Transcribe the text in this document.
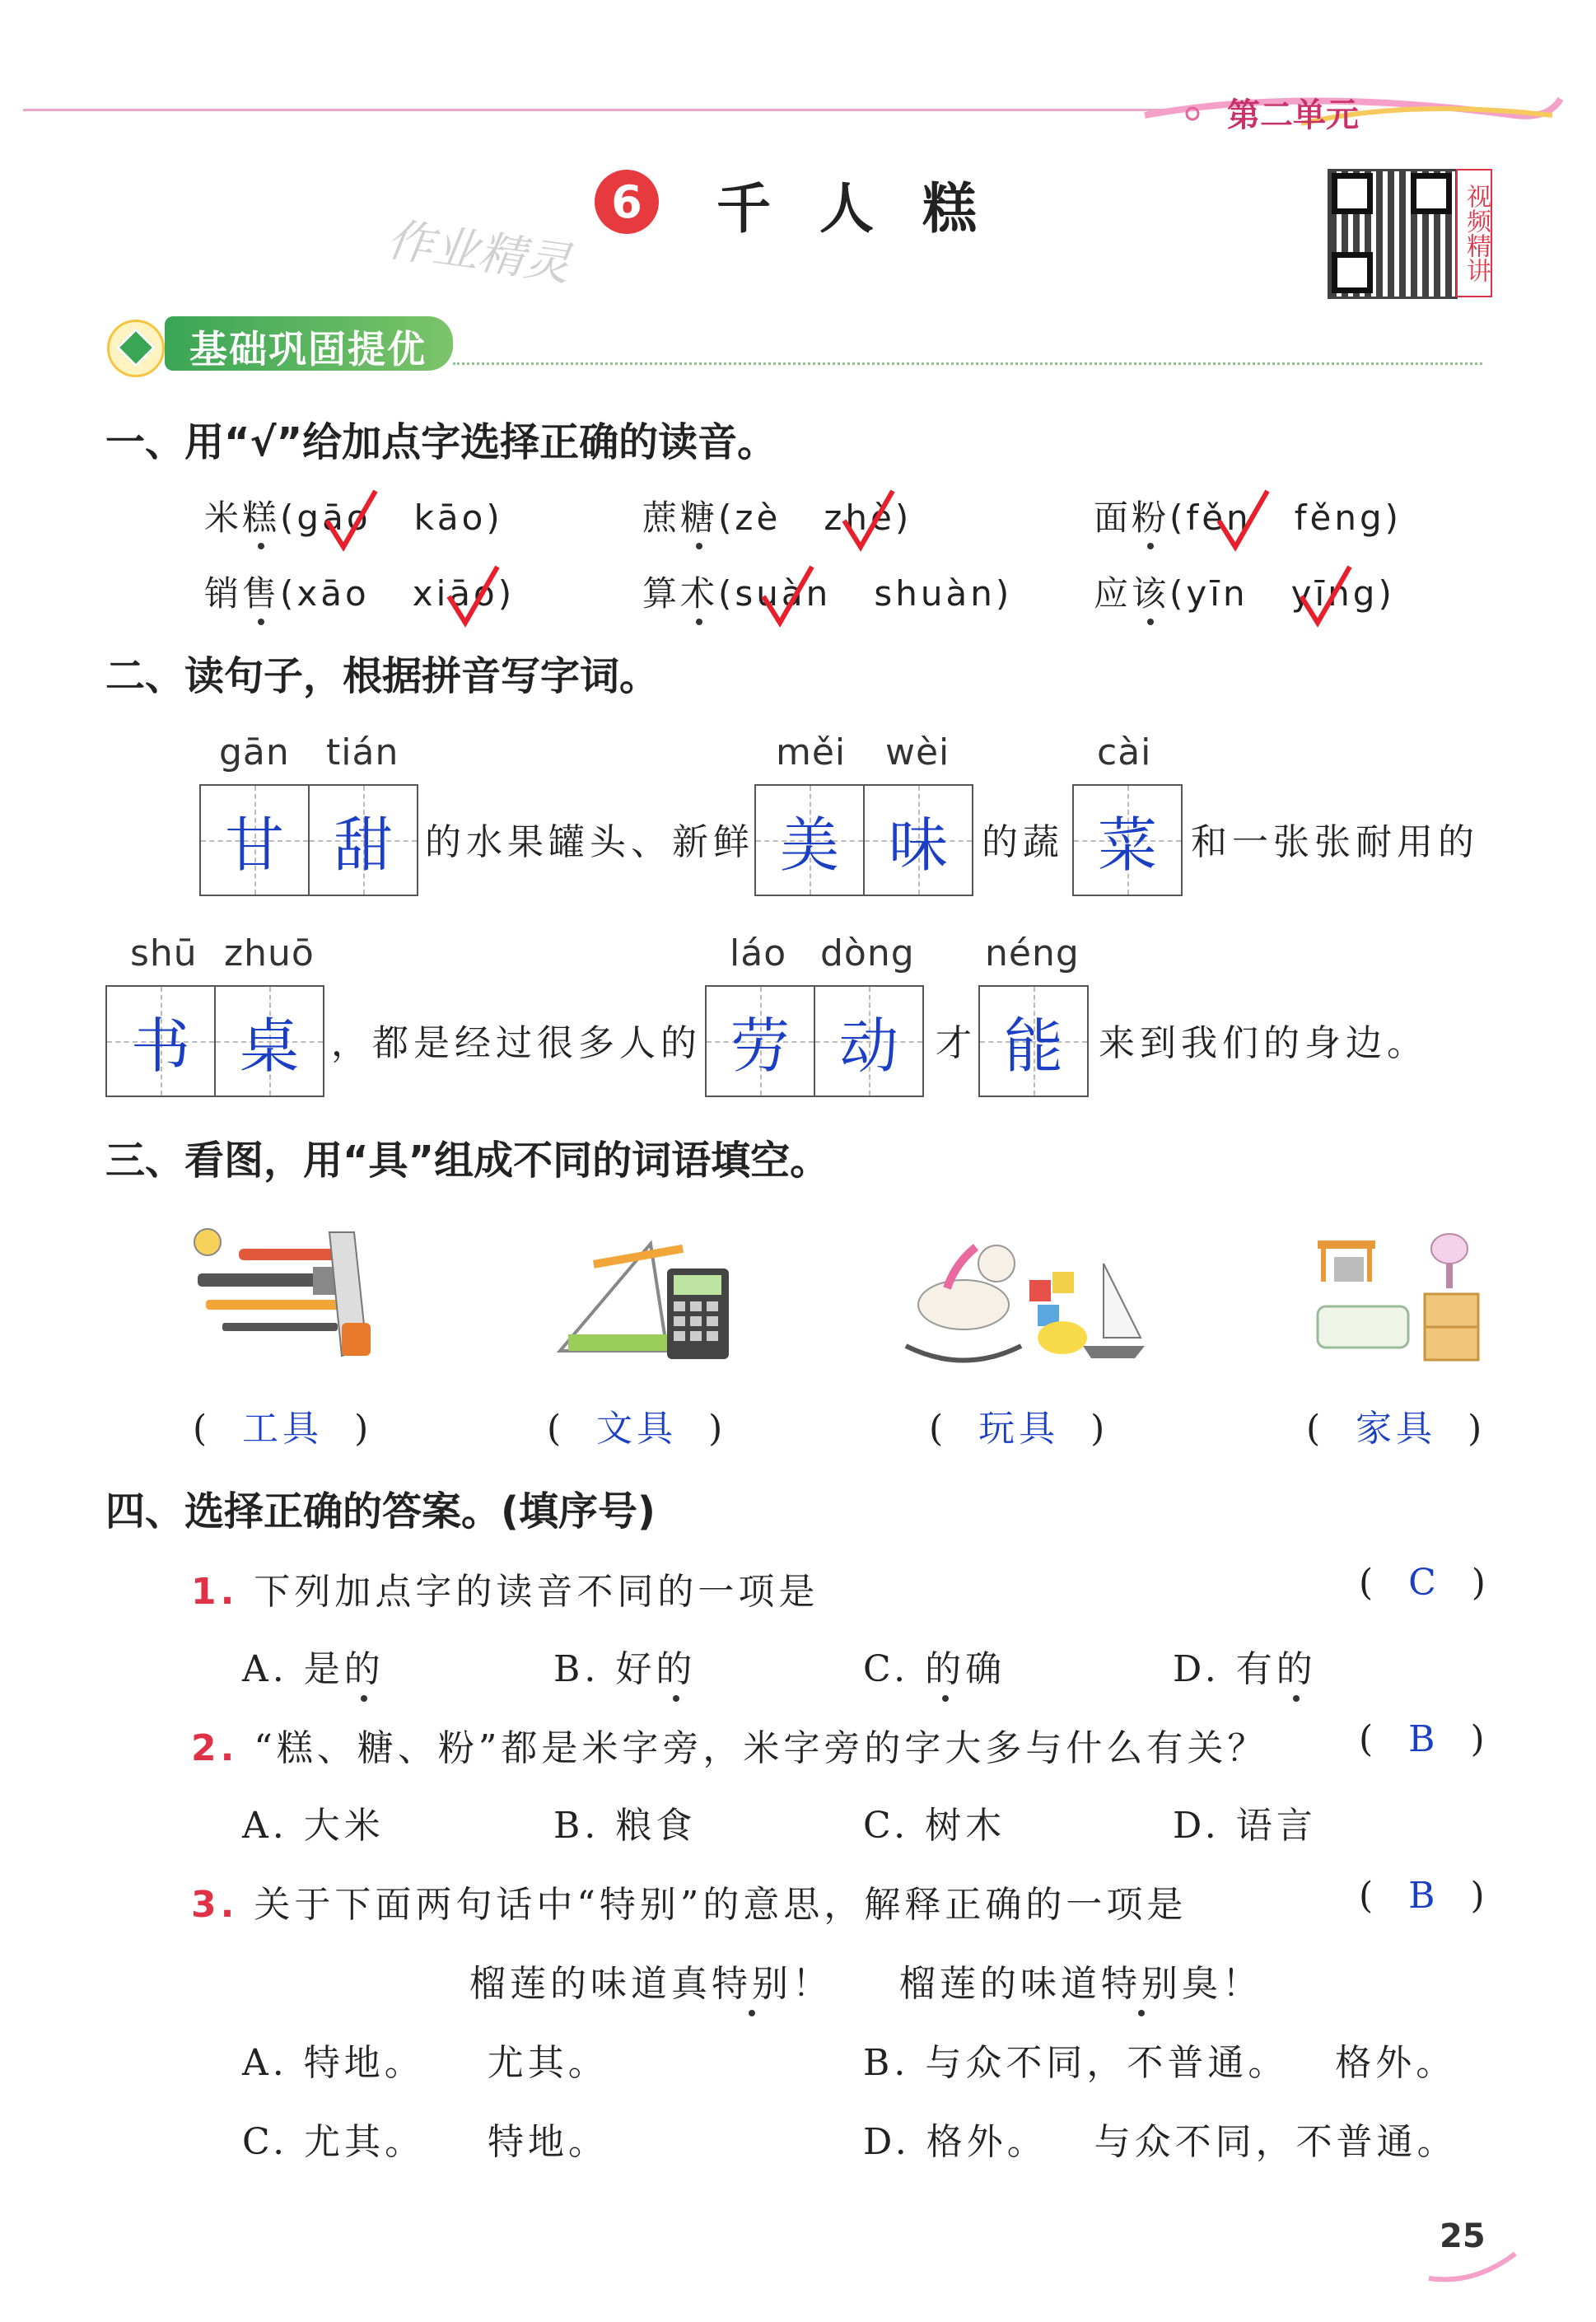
第二单元
6 千 人 糕
作业精灵	视频精讲
基础巩固提优
一、用“√”给加点字选择正确的读音。
米糕(gāo kāo)	蔗糖(zè zhè)	面粉(fěn fěng)
销售(xāo xiāo)	算术(suàn shuàn) 应该(yīn yīng)
二、读句子，根据拼音写字词。
gān tián	měi wèi	cài
甘 甜 的水果罐头、新鲜 美 味 的蔬 菜 和一张张耐用的
shū zhuō	láo dòng néng
书 桌 ，都是经过很多人的 劳 动 才 能 来到我们的身边。
三、看图，用“具”组成不同的词语填空。
( 工具 )	( 文具 )	( 玩具 )	( 家具 )
四、选择正确的答案。(填序号)
1. 下列加点字的读音不同的一项是	(  C  )
A. 是的	B. 好的	C. 的确	D. 有的
2. “糕、糖、粉”都是米字旁，米字旁的字大多与什么有关？	(  B  )
A. 大米	B. 粮食	C. 树木	D. 语言
3. 关于下面两句话中“特别”的意思，解释正确的一项是	(  B  )
榴莲的味道真特别！ 榴莲的味道特别臭！
A. 特地。 尤其。	B. 与众不同，不普通。 格外。
C. 尤其。 特地。	D. 格外。 与众不同，不普通。
25
